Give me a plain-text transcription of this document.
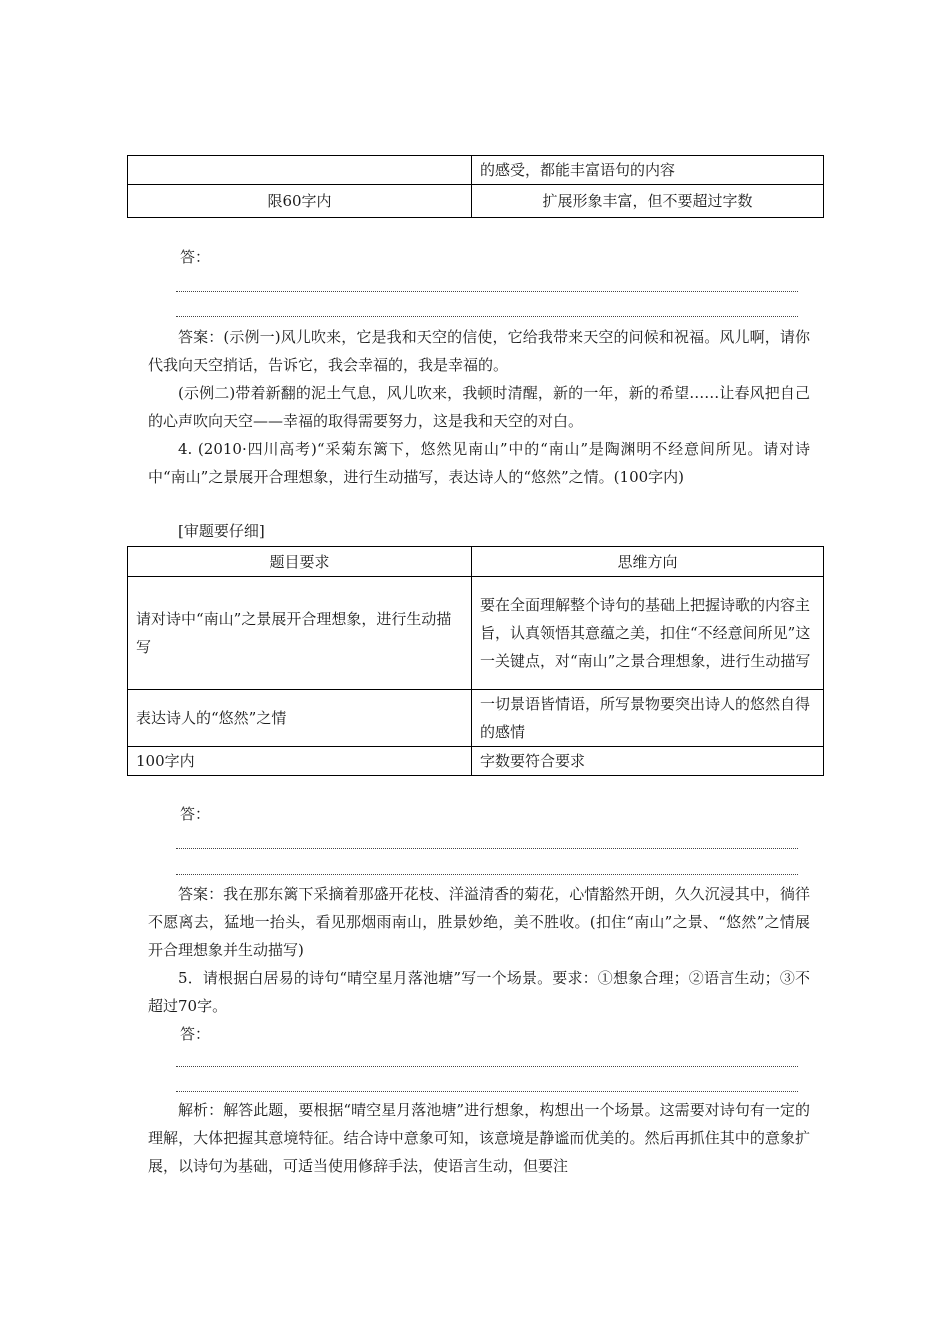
	的感受，都能丰富语句的内容
限60字内	扩展形象丰富，但不要超过字数
答：
答案：(示例一)风儿吹来，它是我和天空的信使，它给我带来天空的问候和祝福。风儿啊，请你代我向天空捎话，告诉它，我会幸福的，我是幸福的。
(示例二)带着新翻的泥土气息，风儿吹来，我顿时清醒，新的一年，新的希望……让春风把自己的心声吹向天空——幸福的取得需要努力，这是我和天空的对白。
4. (2010·四川高考)“采菊东篱下，悠然见南山”中的“南山”是陶渊明不经意间所见。请对诗中“南山”之景展开合理想象，进行生动描写，表达诗人的“悠然”之情。(100字内)
[审题要仔细]
题目要求	思维方向
请对诗中“南山”之景展开合理想象，进行生动描写	要在全面理解整个诗句的基础上把握诗歌的内容主旨，认真领悟其意蕴之美，扣住“不经意间所见”这一关键点，对“南山”之景合理想象，进行生动描写
表达诗人的“悠然”之情	一切景语皆情语，所写景物要突出诗人的悠然自得的感情
100字内	字数要符合要求
答：
答案：我在那东篱下采摘着那盛开花枝、洋溢清香的菊花，心情豁然开朗，久久沉浸其中，徜徉不愿离去，猛地一抬头，看见那烟雨南山，胜景妙绝，美不胜收。(扣住“南山”之景、“悠然”之情展开合理想象并生动描写)
5．请根据白居易的诗句“晴空星月落池塘”写一个场景。要求：①想象合理；②语言生动；③不超过70字。
答：
解析：解答此题，要根据“晴空星月落池塘”进行想象，构想出一个场景。这需要对诗句有一定的理解，大体把握其意境特征。结合诗中意象可知，该意境是静谧而优美的。然后再抓住其中的意象扩展，以诗句为基础，可适当使用修辞手法，使语言生动，但要注
